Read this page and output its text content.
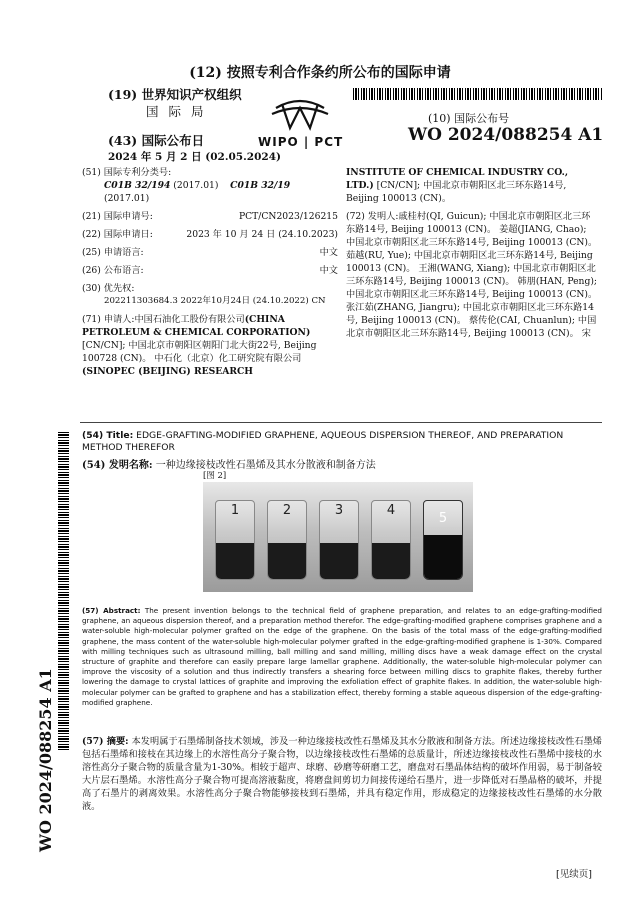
(12) 按照专利合作条约所公布的国际申请
(19) 世界知识产权组织
国 际 局
(43) 国际公布日
2024 年 5 月 2 日 (02.05.2024)
WIPO | PCT
(10) 国际公布号
WO 2024/088254 A1
(51) 国际专利分类号:
C01B 32/194 (2017.01) C01B 32/19 (2017.01)
(21) 国际申请号:	PCT/CN2023/126215
(22) 国际申请日:	2023 年 10 月 24 日 (24.10.2023)
(25) 申请语言:	中文
(26) 公布语言:	中文
(30) 优先权:
202211303684.3 2022年10月24日 (24.10.2022) CN
(71) 申请人:中国石油化工股份有限公司(CHINA PETROLEUM & CHEMICAL CORPORATION) [CN/CN]; 中国北京市朝阳区朝阳门北大街22号, Beijing 100728 (CN)。 中石化（北京）化工研究院有限公司(SINOPEC (BEIJING) RESEARCH
INSTITUTE OF CHEMICAL INDUSTRY CO., LTD.) [CN/CN]; 中国北京市朝阳区北三环东路14号, Beijing 100013 (CN)。
(72) 发明人:戚桂村(QI, Guicun); 中国北京市朝阳区北三环东路14号, Beijing 100013 (CN)。 姜超(JIANG, Chao); 中国北京市朝阳区北三环东路14号, Beijing 100013 (CN)。 茹越(RU, Yue); 中国北京市朝阳区北三环东路14号, Beijing 100013 (CN)。 王湘(WANG, Xiang); 中国北京市朝阳区北三环东路14号, Beijing 100013 (CN)。 韩朋(HAN, Peng); 中国北京市朝阳区北三环东路14号, Beijing 100013 (CN)。 张江茹(ZHANG, Jiangru); 中国北京市朝阳区北三环东路14号, Beijing 100013 (CN)。 蔡传伦(CAI, Chuanlun); 中国北京市朝阳区北三环东路14号, Beijing 100013 (CN)。 宋
WO 2024/088254 A1
(54) Title: EDGE-GRAFTING-MODIFIED GRAPHENE, AQUEOUS DISPERSION THEREOF, AND PREPARATION METHOD THEREFOR
(54) 发明名称: 一种边缘接枝改性石墨烯及其水分散液和制备方法
[图 2]
1	2	3	4
5
(57) Abstract: The present invention belongs to the technical field of graphene preparation, and relates to an edge-grafting-modified graphene, an aqueous dispersion thereof, and a preparation method therefor. The edge-grafting-modified graphene comprises graphene and a water-soluble high-molecular polymer grafted on the edge of the graphene. On the basis of the total mass of the edge-grafting-modified graphene, the mass content of the water-soluble high-molecular polymer grafted in the edge-grafting-modified graphene is 1-30%. Compared with milling techniques such as ultrasound milling, ball milling and sand milling, milling discs have a weak damage effect on the crystal structure of graphite and therefore can easily prepare large lamellar graphene. Additionally, the water-soluble high-molecular polymer can improve the viscosity of a solution and thus indirectly transfers a shearing force between milling discs to graphite flakes, thereby further lowering the damage to crystal lattices of graphite and improving the exfoliation effect of graphite flakes. In addition, the water-soluble high-molecular polymer can be grafted to graphene and has a stabilization effect, thereby forming a stable aqueous dispersion of the edge-grafting-modified graphene.
(57) 摘要: 本发明属于石墨烯制备技术领域，涉及一种边缘接枝改性石墨烯及其水分散液和制备方法。所述边缘接枝改性石墨烯包括石墨烯和接枝在其边缘上的水溶性高分子聚合物，以边缘接枝改性石墨烯的总质量计，所述边缘接枝改性石墨烯中接枝的水溶性高分子聚合物的质量含量为1-30%。相较于超声、球磨、砂磨等研磨工艺，磨盘对石墨晶体结构的破坏作用弱，易于制备较大片层石墨烯。水溶性高分子聚合物可提高溶液黏度，将磨盘间剪切力间接传递给石墨片，进一步降低对石墨晶格的破坏，并提高了石墨片的剥离效果。水溶性高分子聚合物能够接枝到石墨烯，并具有稳定作用，形成稳定的边缘接枝改性石墨烯的水分散液。
[见续页]
